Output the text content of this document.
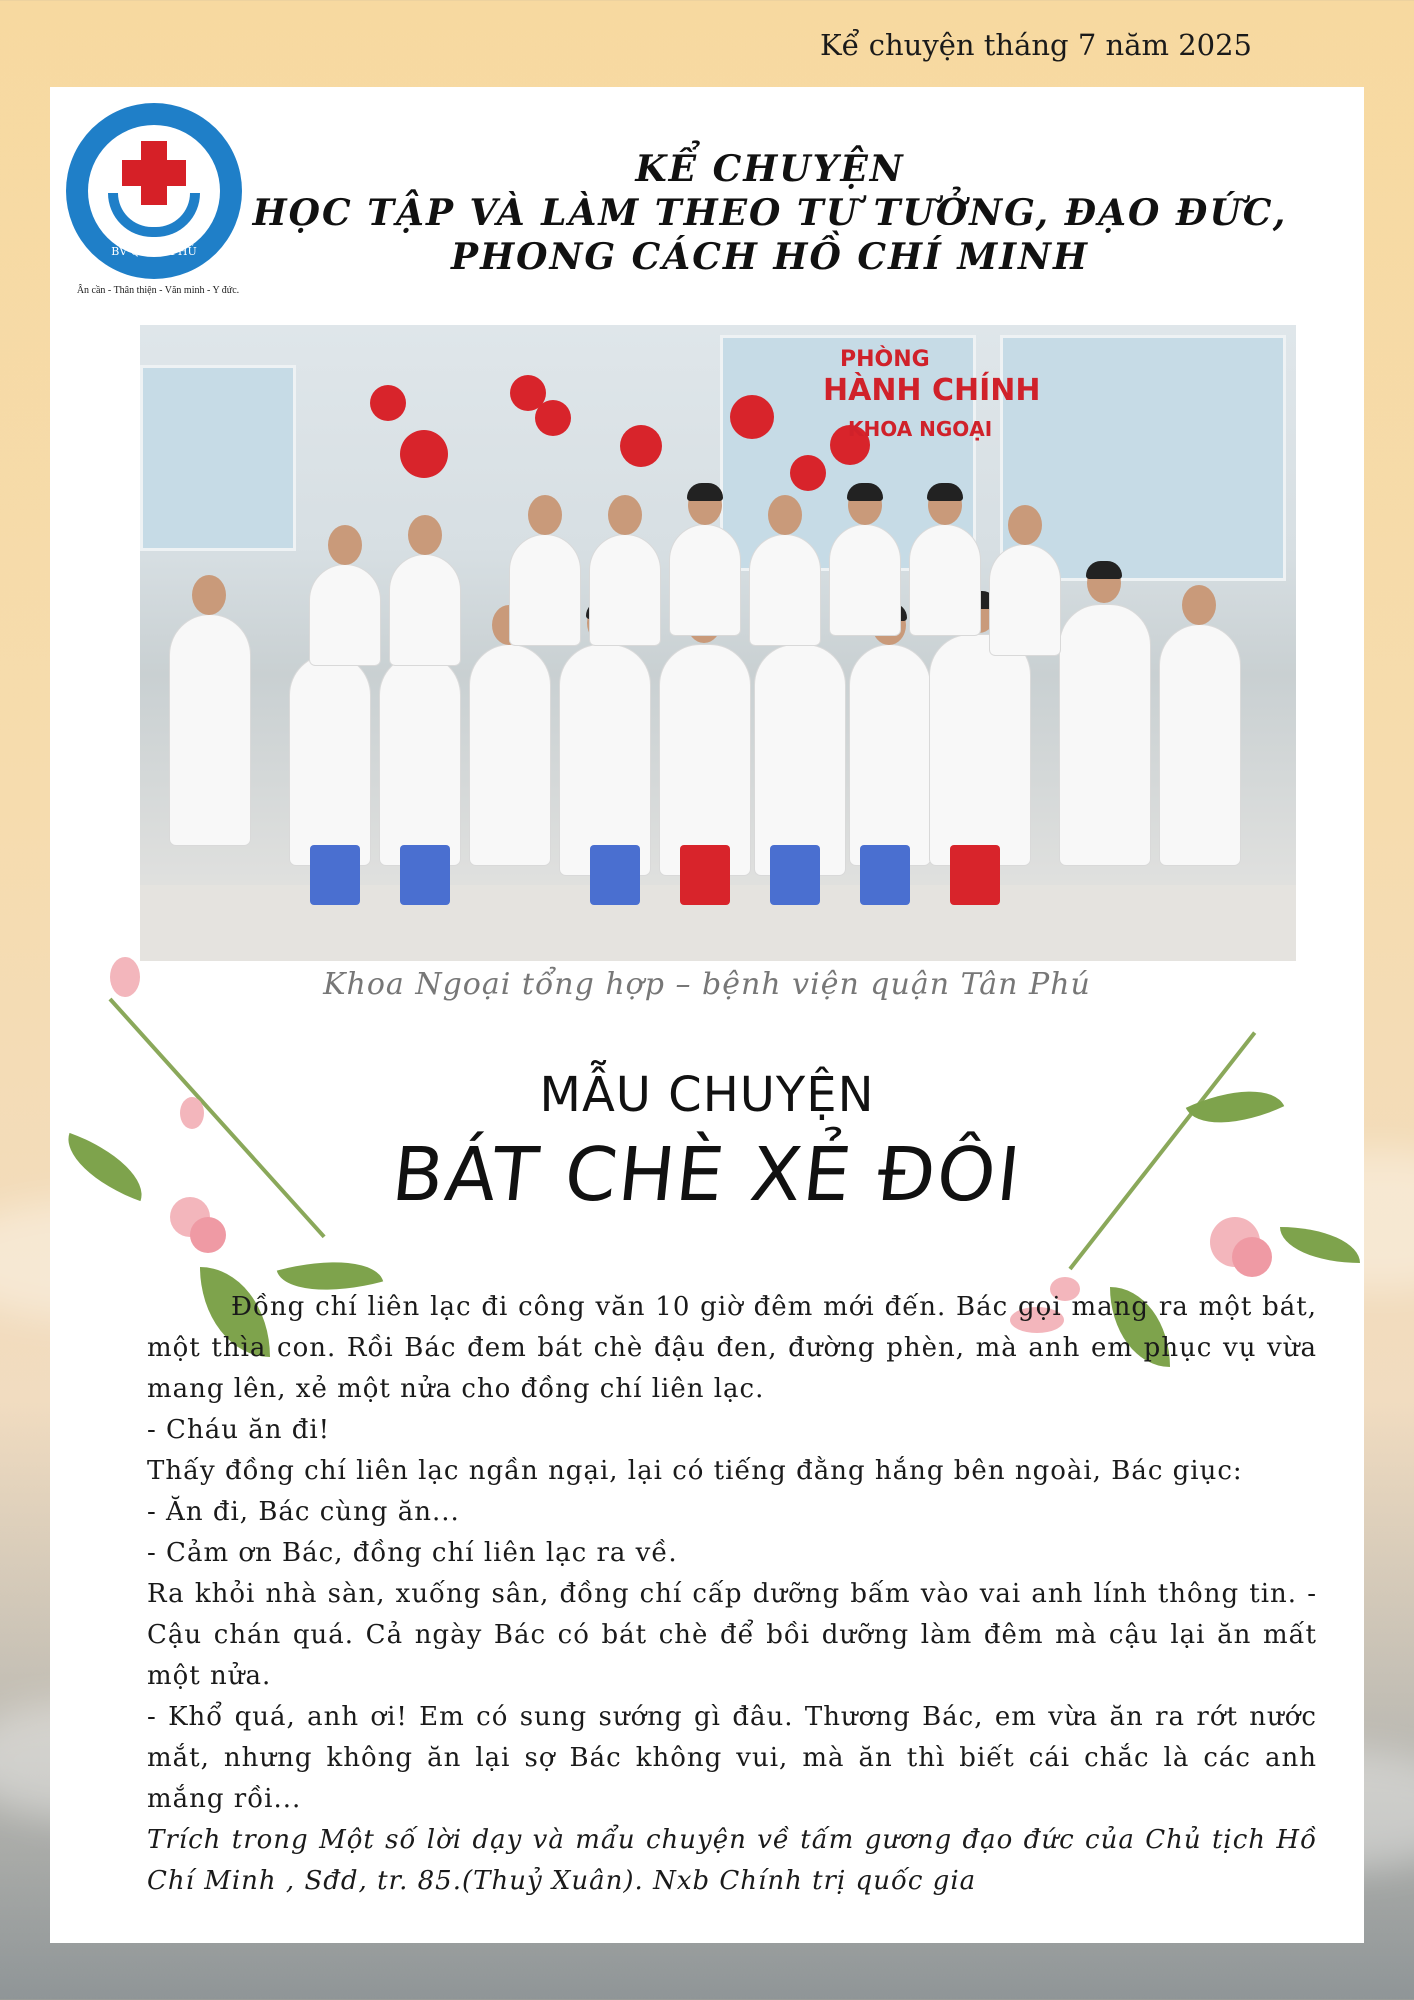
Kể chuyện tháng 7 năm 2025
BV Q.TÂN PHÚ
Ân cần - Thân thiện - Văn minh - Y đức.
KỂ CHUYỆN
HỌC TẬP VÀ LÀM THEO TƯ TƯỞNG, ĐẠO ĐỨC,
PHONG CÁCH HỒ CHÍ MINH
PHÒNG
HÀNH CHÍNH
KHOA NGOẠI
Khoa Ngoại tổng hợp – bệnh viện quận Tân Phú
MẪU CHUYỆN
BÁT CHÈ XẺ ĐÔI

Đồng chí liên lạc đi công văn 10 giờ đêm mới đến. Bác gọi mang ra một bát, một thìa con. Rồi Bác đem bát chè đậu đen, đường phèn, mà anh em phục vụ vừa mang lên, xẻ một nửa cho đồng chí liên lạc.

- Cháu ăn đi!

Thấy đồng chí liên lạc ngần ngại, lại có tiếng đằng hắng bên ngoài, Bác giục:

- Ăn đi, Bác cùng ăn...

- Cảm ơn Bác, đồng chí liên lạc ra về.

Ra khỏi nhà sàn, xuống sân, đồng chí cấp dưỡng bấm vào vai anh lính thông tin. - Cậu chán quá. Cả ngày Bác có bát chè để bồi dưỡng làm đêm mà cậu lại ăn mất một nửa.

- Khổ quá, anh ơi! Em có sung sướng gì đâu. Thương Bác, em vừa ăn ra rớt nước mắt, nhưng không ăn lại sợ Bác không vui, mà ăn thì biết cái chắc là các anh mắng rồi...

Trích trong Một số lời dạy và mẩu chuyện về tấm gương đạo đức của Chủ tịch Hồ Chí Minh , Sđd, tr. 85.(Thuỷ Xuân). Nxb Chính trị quốc gia
